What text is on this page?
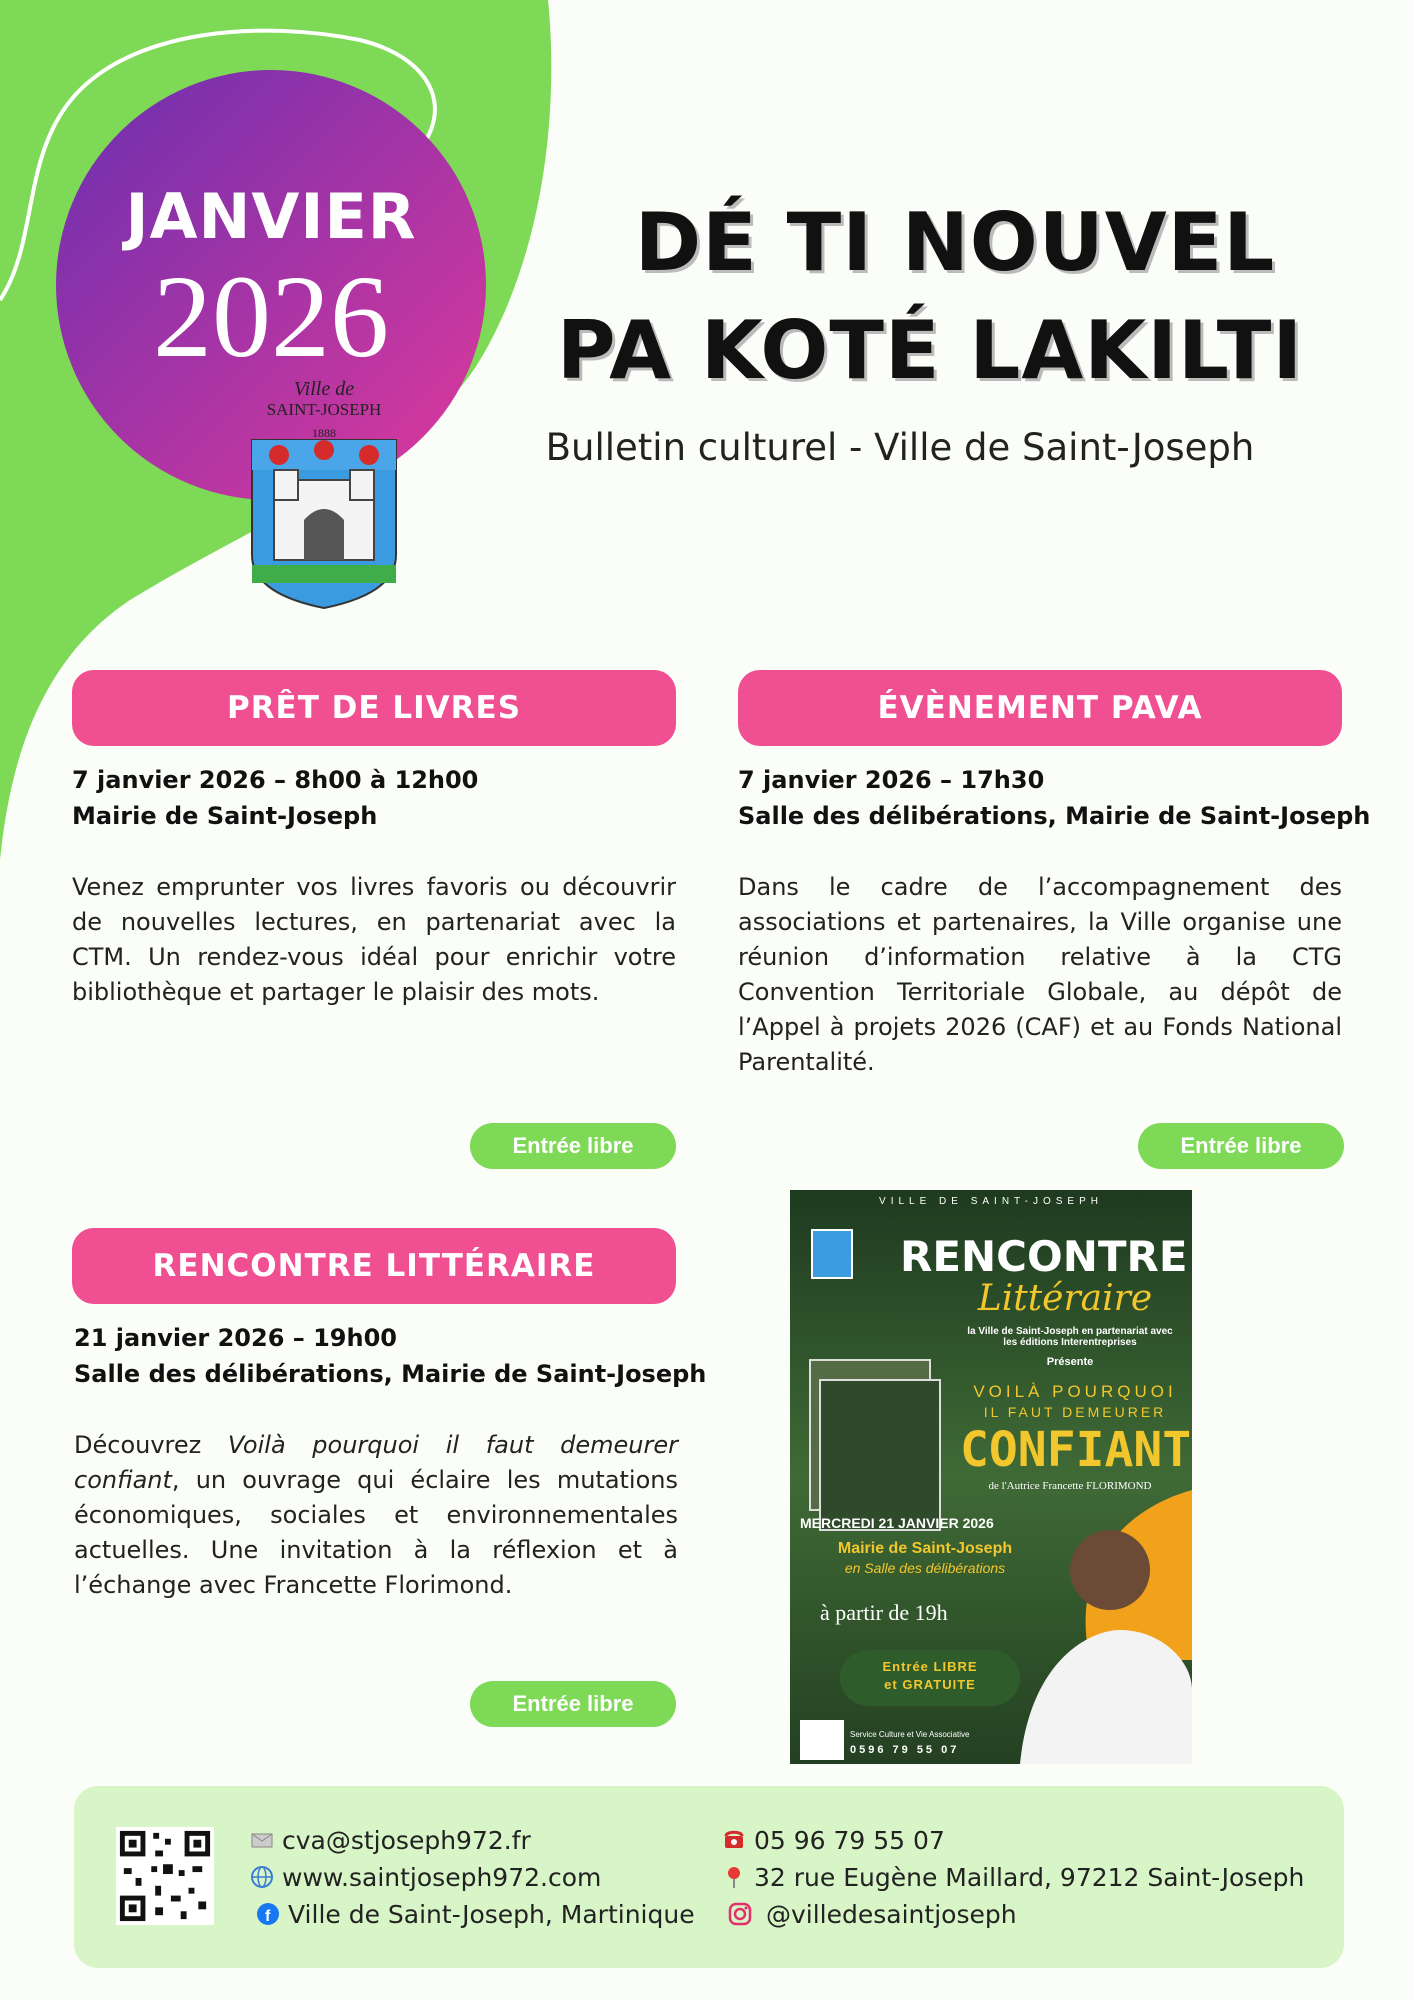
JANVIER
2026
Ville de
SAINT-JOSEPH
1888
DÉ TI NOUVEL
PA KOTÉ LAKILTI
Bulletin culturel - Ville de Saint-Joseph
PRÊT DE LIVRES
7 janvier 2026 – 8h00 à 12h00
Mairie de Saint-Joseph
Venez emprunter vos livres favoris ou découvrir de nouvelles lectures, en partenariat avec la CTM. Un rendez-vous idéal pour enrichir votre bibliothèque et partager le plaisir des mots.
Entrée libre
ÉVÈNEMENT PAVA
7 janvier 2026 – 17h30
Salle des délibérations, Mairie de Saint-Joseph
Dans le cadre de l’accompagnement des associations et partenaires, la Ville organise une réunion d’information relative à la CTG Convention Territoriale Globale, au dépôt de l’Appel à projets 2026 (CAF) et au Fonds National Parentalité.
Entrée libre
RENCONTRE LITTÉRAIRE
21 janvier 2026 – 19h00
Salle des délibérations, Mairie de Saint-Joseph
Découvrez Voilà pourquoi il faut demeurer confiant, un ouvrage qui éclaire les mutations économiques, sociales et environnementales actuelles. Une invitation à la réflexion et à l’échange avec Francette Florimond.
Entrée libre
VILLE DE SAINT-JOSEPH
RENCONTRE
Littéraire
la Ville de Saint-Joseph en partenariat avec les éditions Interentreprises
Présente
VOILÀ POURQUOI
IL FAUT DEMEURER
CONFIANT
de l'Autrice Francette FLORIMOND
MERCREDI 21 JANVIER 2026
Mairie de Saint-Joseph
en Salle des délibérations
à partir de 19h
Entrée LIBRE
et GRATUITE
Service Culture et Vie Associative
0596 79 55 07
cva@stjoseph972.fr
www.saintjoseph972.com
f Ville de Saint-Joseph, Martinique
05 96 79 55 07
32 rue Eugène Maillard, 97212 Saint-Joseph
@villedesaintjoseph
